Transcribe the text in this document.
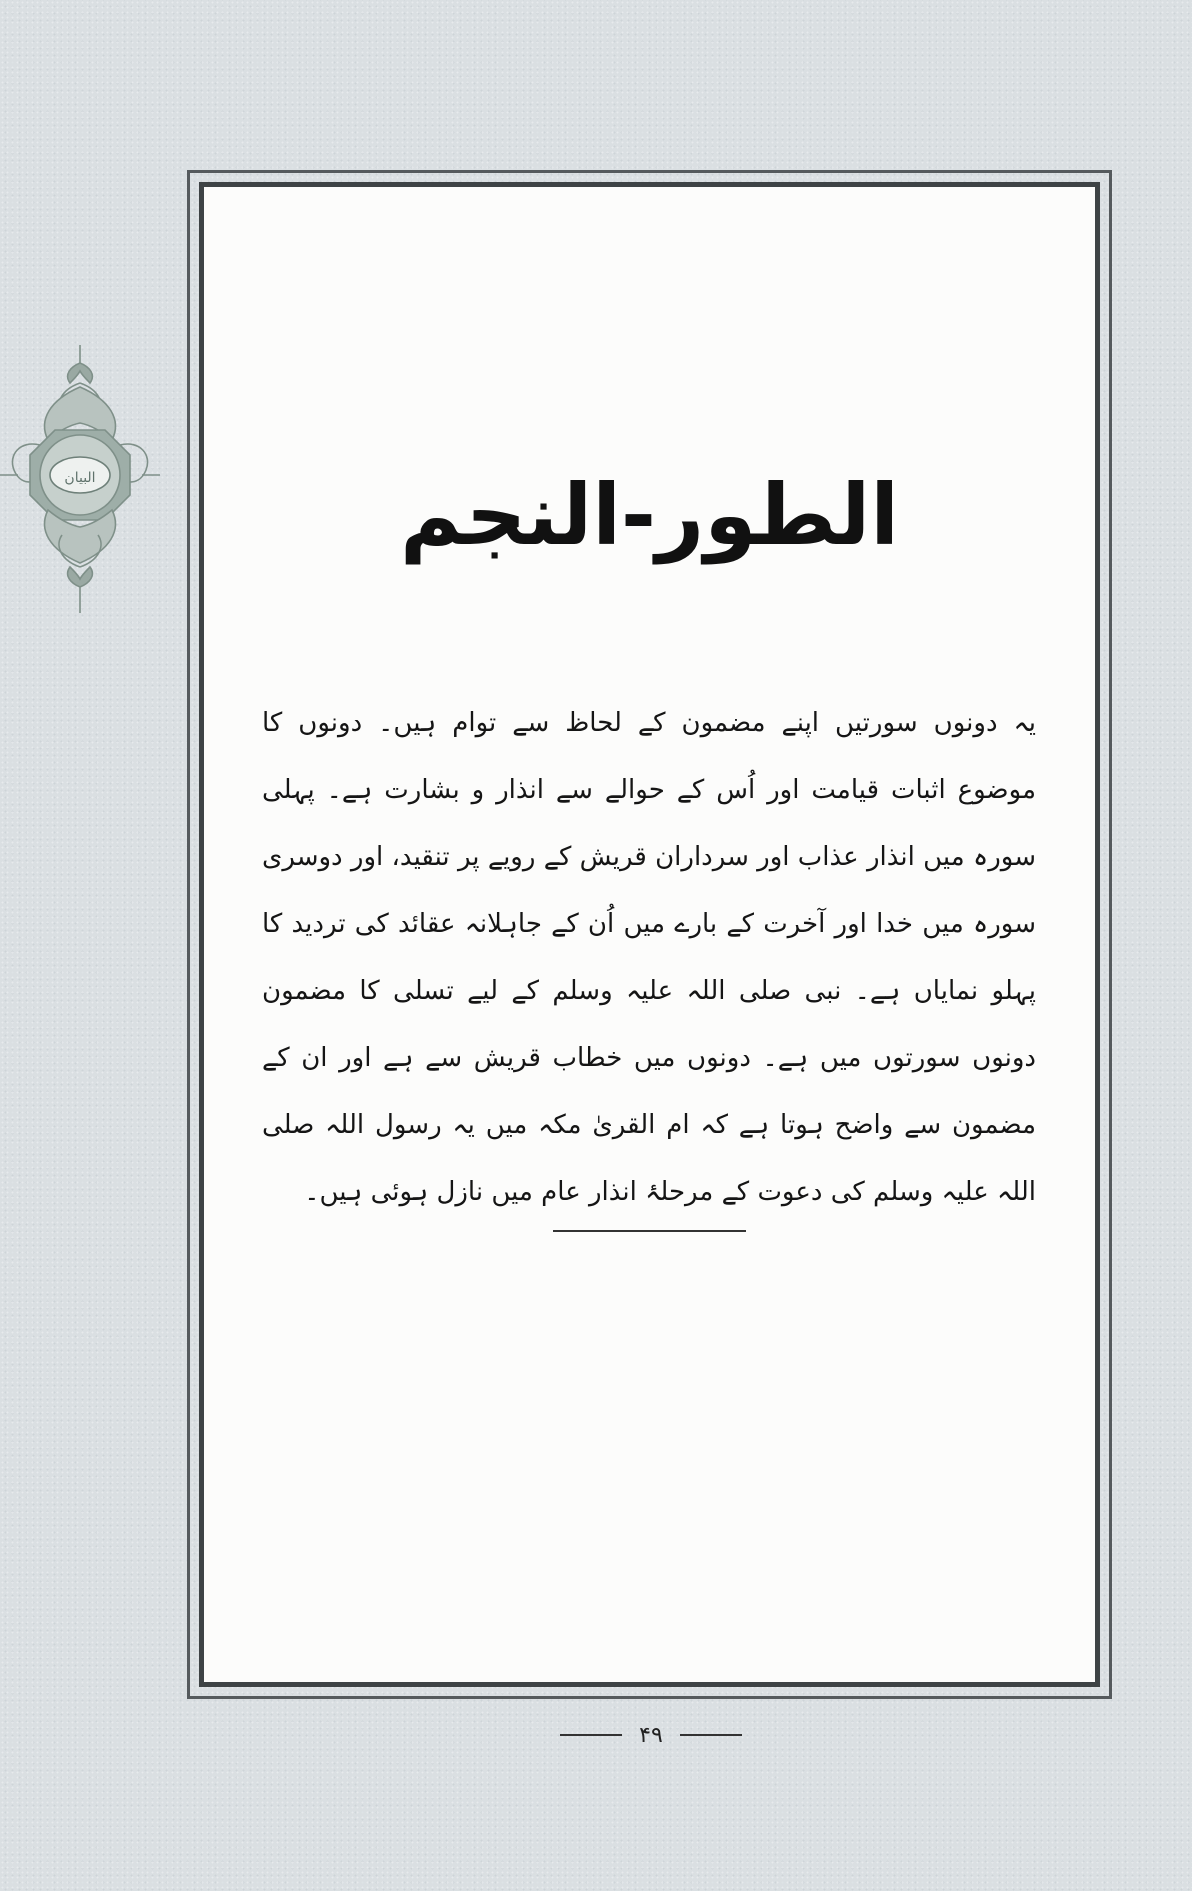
البیان	الطور-النجم

یہ دونوں سورتیں اپنے مضمون کے لحاظ سے توام ہیں۔ دونوں کا موضوع اثبات قیامت اور اُس کے حوالے سے انذار و بشارت ہے۔ پہلی سورہ میں انذار عذاب اور سرداران قریش کے رویے پر تنقید، اور دوسری سورہ میں خدا اور آخرت کے بارے میں اُن کے جاہلانہ عقائد کی تردید کا پہلو نمایاں ہے۔ نبی صلی اللہ علیہ وسلم کے لیے تسلی کا مضمون دونوں سورتوں میں ہے۔ دونوں میں خطاب قریش سے ہے اور ان کے مضمون سے واضح ہوتا ہے کہ ام القریٰ مکہ میں یہ رسول اللہ صلی اللہ علیہ وسلم کی دعوت کے مرحلۂ انذار عام میں نازل ہوئی ہیں۔

۴۹
